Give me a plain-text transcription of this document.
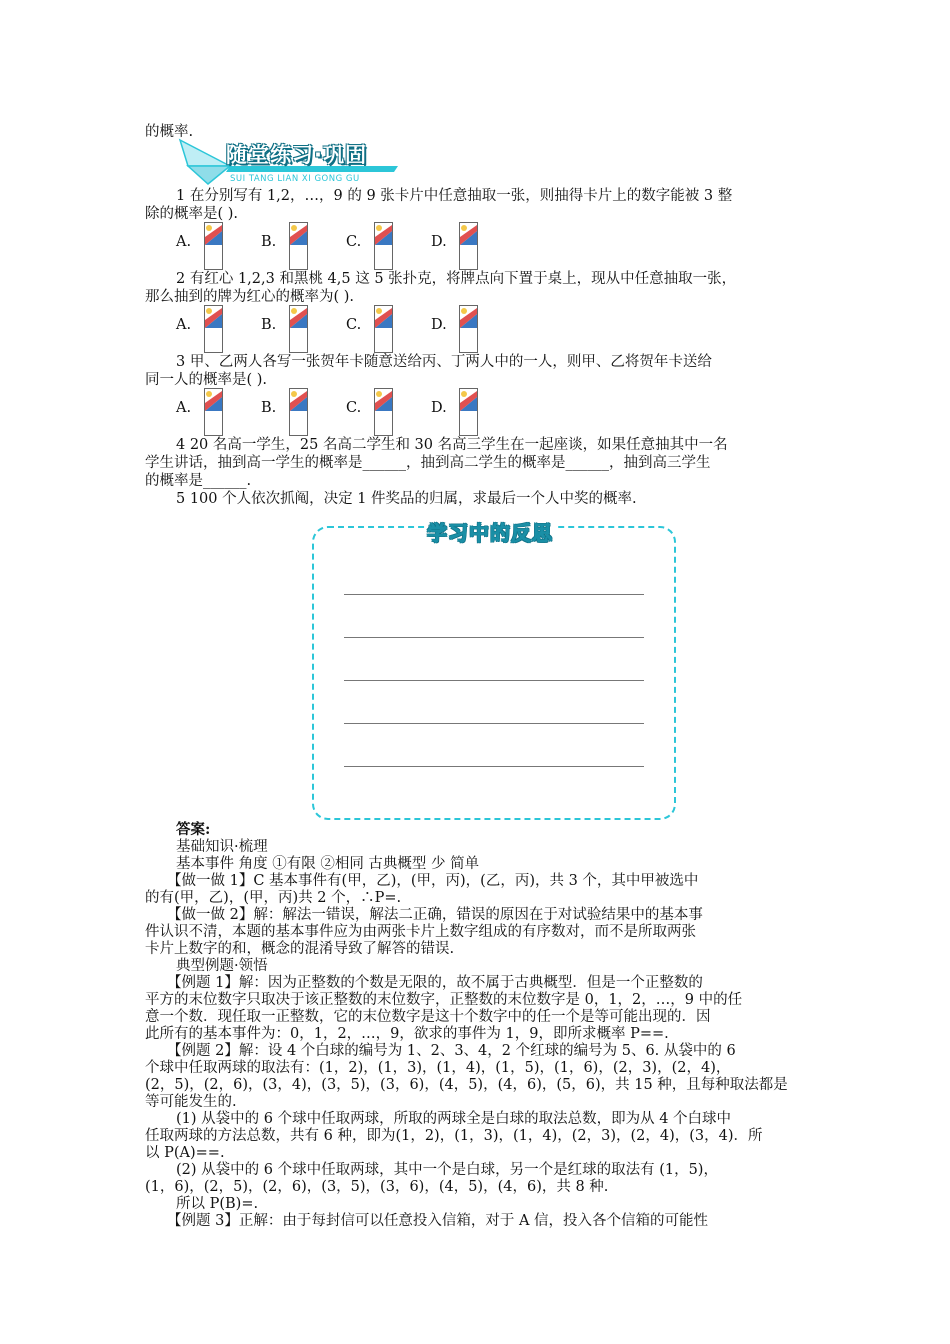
的概率.
随堂练习·巩固
SUI TANG LIAN XI GONG GU
1 在分别写有 1,2，…，9 的 9 张卡片中任意抽取一张，则抽得卡片上的数字能被 3 整
除的概率是( ).
A.	B.	C.	D.
2 有红心 1,2,3 和黑桃 4,5 这 5 张扑克，将牌点向下置于桌上，现从中任意抽取一张，
那么抽到的牌为红心的概率为( ).
A.	B.	C.	D.
3 甲、乙两人各写一张贺年卡随意送给丙、丁两人中的一人，则甲、乙将贺年卡送给
同一人的概率是( ).
A.	B.	C.	D.
4 20 名高一学生，25 名高二学生和 30 名高三学生在一起座谈，如果任意抽其中一名
学生讲话，抽到高一学生的概率是______，抽到高二学生的概率是______，抽到高三学生
的概率是______.
5 100 个人依次抓阄，决定 1 件奖品的归属，求最后一个人中奖的概率.
学习中的反思
答案:
基础知识·梳理
基本事件 角度 ①有限 ②相同 古典概型 少 简单
【做一做 1】C 基本事件有(甲，乙)，(甲，丙)，(乙，丙)，共 3 个，其中甲被选中
的有(甲，乙)，(甲，丙)共 2 个，∴P=.
【做一做 2】解：解法一错误，解法二正确，错误的原因在于对试验结果中的基本事
件认识不清，本题的基本事件应为由两张卡片上数字组成的有序数对，而不是所取两张
卡片上数字的和，概念的混淆导致了解答的错误.
典型例题·领悟
【例题 1】解：因为正整数的个数是无限的，故不属于古典概型．但是一个正整数的
平方的末位数字只取决于该正整数的末位数字，正整数的末位数字是 0，1，2，…，9 中的任
意一个数．现任取一正整数，它的末位数字是这十个数字中的任一个是等可能出现的．因
此所有的基本事件为：0，1，2，…，9，欲求的事件为 1，9，即所求概率 P==.
【例题 2】解：设 4 个白球的编号为 1、2、3、4，2 个红球的编号为 5、6. 从袋中的 6
个球中任取两球的取法有：(1，2)，(1，3)，(1，4)，(1，5)，(1，6)，(2，3)，(2，4)，
(2，5)，(2，6)，(3，4)，(3，5)，(3，6)，(4，5)，(4，6)，(5，6)，共 15 种，且每种取法都是
等可能发生的.
(1) 从袋中的 6 个球中任取两球，所取的两球全是白球的取法总数，即为从 4 个白球中
任取两球的方法总数，共有 6 种，即为(1，2)，(1，3)，(1，4)，(2，3)，(2，4)，(3，4)．所
以 P(A)==.
(2) 从袋中的 6 个球中任取两球，其中一个是白球，另一个是红球的取法有 (1，5)，
(1，6)，(2，5)，(2，6)，(3，5)，(3，6)，(4，5)，(4，6)，共 8 种.
所以 P(B)=.
【例题 3】正解：由于每封信可以任意投入信箱，对于 A 信，投入各个信箱的可能性
